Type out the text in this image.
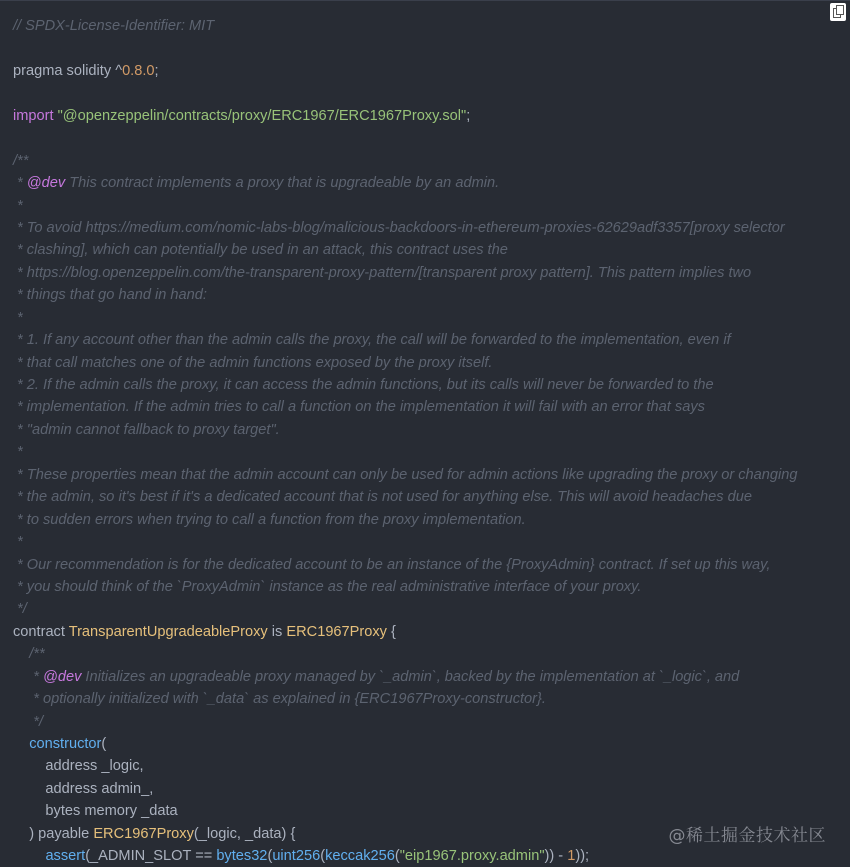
// SPDX-License-Identifier: MIT

pragma solidity ^0.8.0;

import "@openzeppelin/contracts/proxy/ERC1967/ERC1967Proxy.sol";

/**
* @dev This contract implements a proxy that is upgradeable by an admin.
*
* To avoid https://medium.com/nomic-labs-blog/malicious-backdoors-in-ethereum-proxies-62629adf3357[proxy selector
* clashing], which can potentially be used in an attack, this contract uses the
* https://blog.openzeppelin.com/the-transparent-proxy-pattern/[transparent proxy pattern]. This pattern implies two
* things that go hand in hand:
*
* 1. If any account other than the admin calls the proxy, the call will be forwarded to the implementation, even if
* that call matches one of the admin functions exposed by the proxy itself.
* 2. If the admin calls the proxy, it can access the admin functions, but its calls will never be forwarded to the
* implementation. If the admin tries to call a function on the implementation it will fail with an error that says
* "admin cannot fallback to proxy target".
*
* These properties mean that the admin account can only be used for admin actions like upgrading the proxy or changing
* the admin, so it's best if it's a dedicated account that is not used for anything else. This will avoid headaches due
* to sudden errors when trying to call a function from the proxy implementation.
*
* Our recommendation is for the dedicated account to be an instance of the {ProxyAdmin} contract. If set up this way,
* you should think of the `ProxyAdmin` instance as the real administrative interface of your proxy.
*/
contract TransparentUpgradeableProxy is ERC1967Proxy {
/**
* @dev Initializes an upgradeable proxy managed by `_admin`, backed by the implementation at `_logic`, and
* optionally initialized with `_data` as explained in {ERC1967Proxy-constructor}.
*/
constructor(
address _logic,
address admin_,
bytes memory _data
) payable ERC1967Proxy(_logic, _data) {
assert(_ADMIN_SLOT == bytes32(uint256(keccak256("eip1967.proxy.admin")) - 1));
@稀土掘金技术社区
